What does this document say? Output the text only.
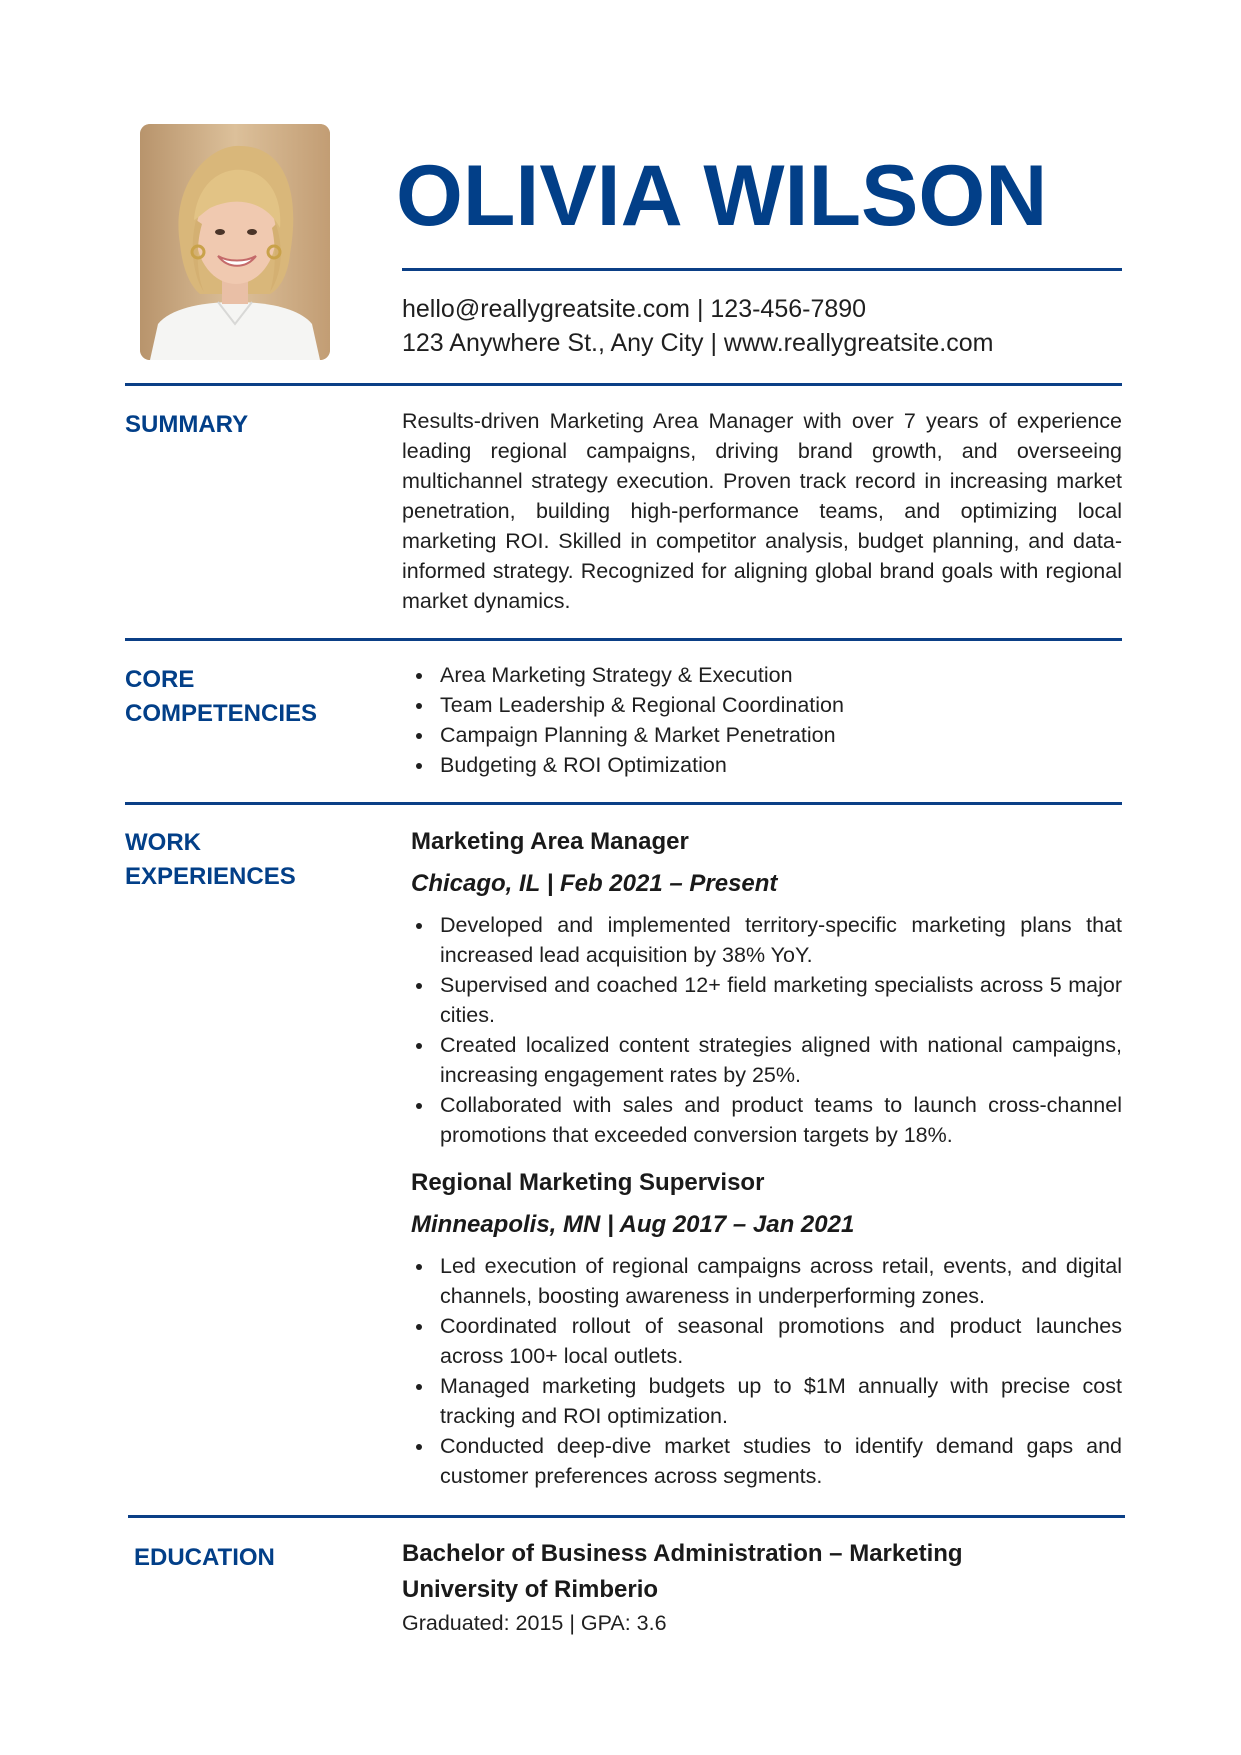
OLIVIA WILSON
hello@reallygreatsite.com | 123-456-7890
123 Anywhere St., Any City | www.reallygreatsite.com
SUMMARY	Results-driven Marketing Area Manager with over 7 years of experience leading regional campaigns, driving brand growth, and overseeing multichannel strategy execution. Proven track record in increasing market penetration, building high-performance teams, and optimizing local marketing ROI. Skilled in competitor analysis, budget planning, and data-informed strategy. Recognized for aligning global brand goals with regional market dynamics.

CORE
COMPETENCIES
Area Marketing Strategy & Execution
Team Leadership & Regional Coordination
Campaign Planning & Market Penetration
Budgeting & ROI Optimization
WORK
EXPERIENCES
Marketing Area Manager
Chicago, IL | Feb 2021 – Present
Developed and implemented territory-specific marketing plans that increased lead acquisition by 38% YoY.
Supervised and coached 12+ field marketing specialists across 5 major cities.
Created localized content strategies aligned with national campaigns, increasing engagement rates by 25%.
Collaborated with sales and product teams to launch cross-channel promotions that exceeded conversion targets by 18%.
Regional Marketing Supervisor
Minneapolis, MN | Aug 2017 – Jan 2021
Led execution of regional campaigns across retail, events, and digital channels, boosting awareness in underperforming zones.
Coordinated rollout of seasonal promotions and product launches across 100+ local outlets.
Managed marketing budgets up to $1M annually with precise cost tracking and ROI optimization.
Conducted deep-dive market studies to identify demand gaps and customer preferences across segments.
EDUCATION	Bachelor of Business Administration – Marketing
University of Rimberio
Graduated: 2015 | GPA: 3.6
